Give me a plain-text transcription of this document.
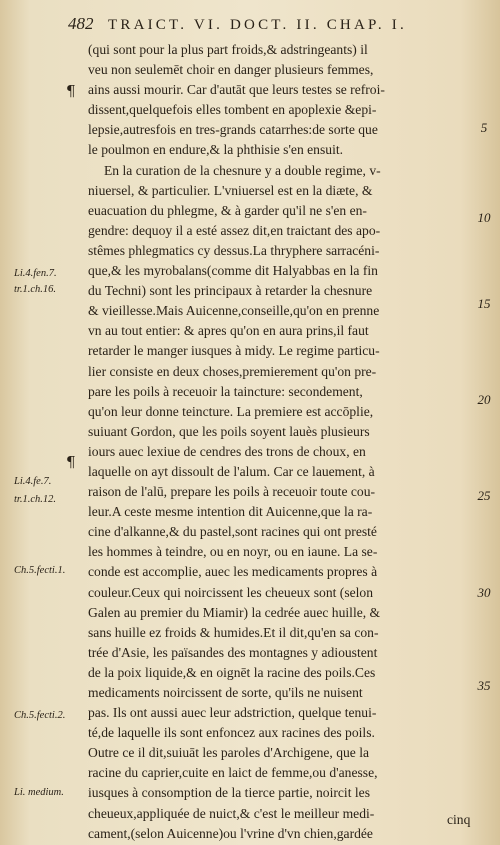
482 TRAICT. VI. DOCT. II. CHAP. I.
(qui sont pour la plus part froids,& adstringeants) il
veu non seulemēt choir en danger plusieurs femmes,
ains aussi mourir. Car d'autāt que leurs testes se refroi-
dissent,quelquefois elles tombent en apoplexie &epi-
lepsie,autresfois en tres-grands catarrhes:de sorte que
le poulmon en endure,& la phthisie s'en ensuit.
En la curation de la chesnure y a double regime, v-
niuersel, & particulier. L'vniuersel est en la diæte, &
euacuation du phlegme, & à garder qu'il ne s'en en-
gendre: dequoy il a esté assez dit,en traictant des apo-
stêmes phlegmatics cy dessus.La thryphere sarracéni-
que,& les myrobalans(comme dit Halyabbas en la fin
du Techni) sont les principaux à retarder la chesnure
& vieillesse.Mais Auicenne,conseille,qu'on en prenne
vn au tout entier: & apres qu'on en aura prins,il faut
retarder le manger iusques à midy. Le regime particu-
lier consiste en deux choses,premierement qu'on pre-
pare les poils à receuoir la taincture: secondement,
qu'on leur donne teincture. La premiere est accōplie,
suiuant Gordon, que les poils soyent lauès plusieurs
iours auec lexiue de cendres des trons de choux, en
laquelle on ayt dissoult de l'alum. Car ce lauement, à
raison de l'alū, prepare les poils à receuoir toute cou-
leur.A ceste mesme intention dit Auicenne,que la ra-
cine d'alkanne,& du pastel,sont racines qui ont presté
les hommes à teindre, ou en noyr, ou en iaune. La se-
conde est accomplie, auec les medicaments propres à
couleur.Ceux qui noircissent les cheueux sont (selon
Galen au premier du Miamir) la cedrée auec huille, &
sans huille ez froids & humides.Et il dit,qu'en sa con-
trée d'Asie, les païsandes des montagnes y adioustent
de la poix liquide,& en oignēt la racine des poils.Ces
medicaments noircissent de sorte, qu'ils ne nuisent
pas. Ils ont aussi auec leur adstriction, quelque tenui-
té,de laquelle ils sont enfoncez aux racines des poils.
Outre ce il dit,suiuāt les paroles d'Archigene, que la
racine du caprier,cuite en laict de femme,ou d'anesse,
iusques à consomption de la tierce partie, noircit les
cheueux,appliquée de nuict,& c'est le meilleur medi-
cament,(selon Auicenne)ou l'vrine d'vn chien,gardée
¶
¶
Li.4.fen.7.
tr.1.ch.16.
Li.4.fe.7.
tr.1.ch.12.
Ch.5.fecti.1.
Ch.5.fecti.2.
Li. medium.
5
10
15
20
25
30
35
cinq
